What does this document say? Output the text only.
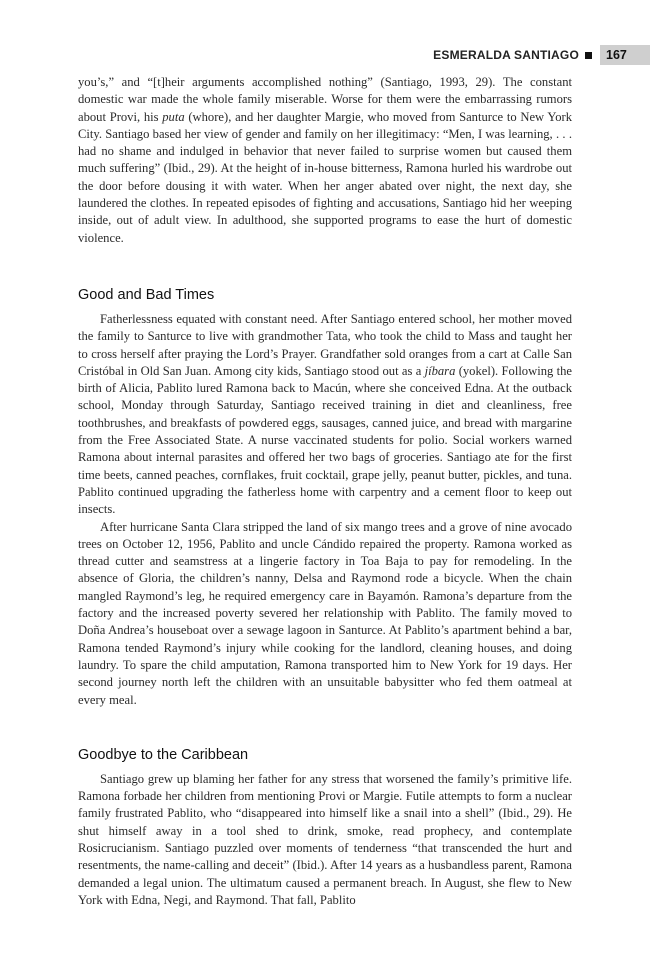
ESMERALDA SANTIAGO	167

you’s,” and “[t]heir arguments accomplished nothing” (Santiago, 1993, 29). The constant domestic war made the whole family miserable. Worse for them were the embarrassing rumors about Provi, his puta (whore), and her daughter Margie, who moved from Santurce to New York City. Santiago based her view of gender and family on her illegitimacy: “Men, I was learning, . . . had no shame and indulged in behavior that never failed to surprise women but caused them much suffering” (Ibid., 29). At the height of in-house bitterness, Ramona hurled his wardrobe out the door before dousing it with water. When her anger abated over night, the next day, she laundered the clothes. In repeated episodes of fighting and accusations, Santiago hid her weeping inside, out of adult view. In adulthood, she supported programs to ease the hurt of domestic violence.

Good and Bad Times

Fatherlessness equated with constant need. After Santiago entered school, her mother moved the family to Santurce to live with grandmother Tata, who took the child to Mass and taught her to cross herself after praying the Lord’s Prayer. Grandfather sold oranges from a cart at Calle San Cristóbal in Old San Juan. Among city kids, Santiago stood out as a jíbara (yokel). Following the birth of Alicia, Pablito lured Ramona back to Macún, where she conceived Edna. At the outback school, Monday through Saturday, Santiago received training in diet and cleanliness, free toothbrushes, and breakfasts of powdered eggs, sausages, canned juice, and bread with margarine from the Free Associated State. A nurse vaccinated students for polio. Social workers warned Ramona about internal parasites and offered her two bags of groceries. Santiago ate for the first time beets, canned peaches, cornflakes, fruit cocktail, grape jelly, peanut butter, pickles, and tuna. Pablito continued upgrading the fatherless home with carpentry and a cement floor to keep out insects.

After hurricane Santa Clara stripped the land of six mango trees and a grove of nine avocado trees on October 12, 1956, Pablito and uncle Cándido repaired the property. Ramona worked as thread cutter and seamstress at a lingerie factory in Toa Baja to pay for remodeling. In the absence of Gloria, the children’s nanny, Delsa and Raymond rode a bicycle. When the chain mangled Raymond’s leg, he required emergency care in Bayamón. Ramona’s departure from the factory and the increased poverty severed her relationship with Pablito. The family moved to Doña Andrea’s houseboat over a sewage lagoon in Santurce. At Pablito’s apartment behind a bar, Ramona tended Raymond’s injury while cooking for the landlord, cleaning houses, and doing laundry. To spare the child amputation, Ramona transported him to New York for 19 days. Her second journey north left the children with an unsuitable babysitter who fed them oatmeal at every meal.

Goodbye to the Caribbean

Santiago grew up blaming her father for any stress that worsened the family’s primitive life. Ramona forbade her children from mentioning Provi or Margie. Futile attempts to form a nuclear family frustrated Pablito, who “disappeared into himself like a snail into a shell” (Ibid., 29). He shut himself away in a tool shed to drink, smoke, read prophecy, and contemplate Rosicrucianism. Santiago puzzled over moments of tenderness “that transcended the hurt and resentments, the name-calling and deceit” (Ibid.). After 14 years as a husbandless parent, Ramona demanded a legal union. The ultimatum caused a permanent breach. In August, she flew to New York with Edna, Negi, and Raymond. That fall, Pablito
